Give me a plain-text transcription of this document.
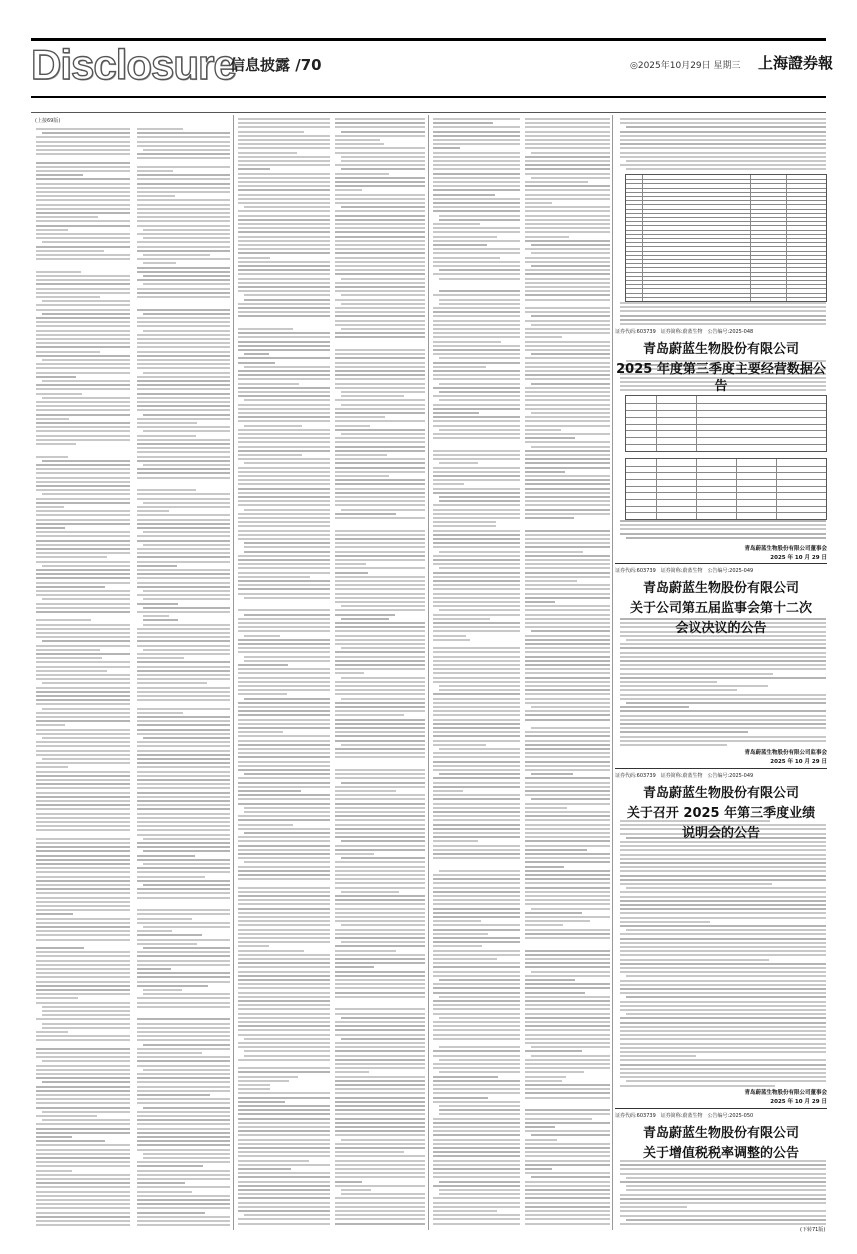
Disclosure
信息披露 /70	◎2025年10月29日 星期三 上海證券報
(上接69版)
证券代码:603739　证券简称:蔚蓝生物　公告编号:2025-048
青岛蔚蓝生物股份有限公司
2025 年度第三季度主要经营数据公告
青岛蔚蓝生物股份有限公司董事会
2025 年 10 月 29 日
证券代码:603739　证券简称:蔚蓝生物　公告编号:2025-049
青岛蔚蓝生物股份有限公司
关于公司第五届监事会第十二次
会议决议的公告
青岛蔚蓝生物股份有限公司监事会
2025 年 10 月 29 日
证券代码:603739　证券简称:蔚蓝生物　公告编号:2025-049
青岛蔚蓝生物股份有限公司
关于召开 2025 年第三季度业绩
说明会的公告
青岛蔚蓝生物股份有限公司董事会
2025 年 10 月 29 日
证券代码:603739　证券简称:蔚蓝生物　公告编号:2025-050
青岛蔚蓝生物股份有限公司
关于增值税税率调整的公告
(下转71版)
